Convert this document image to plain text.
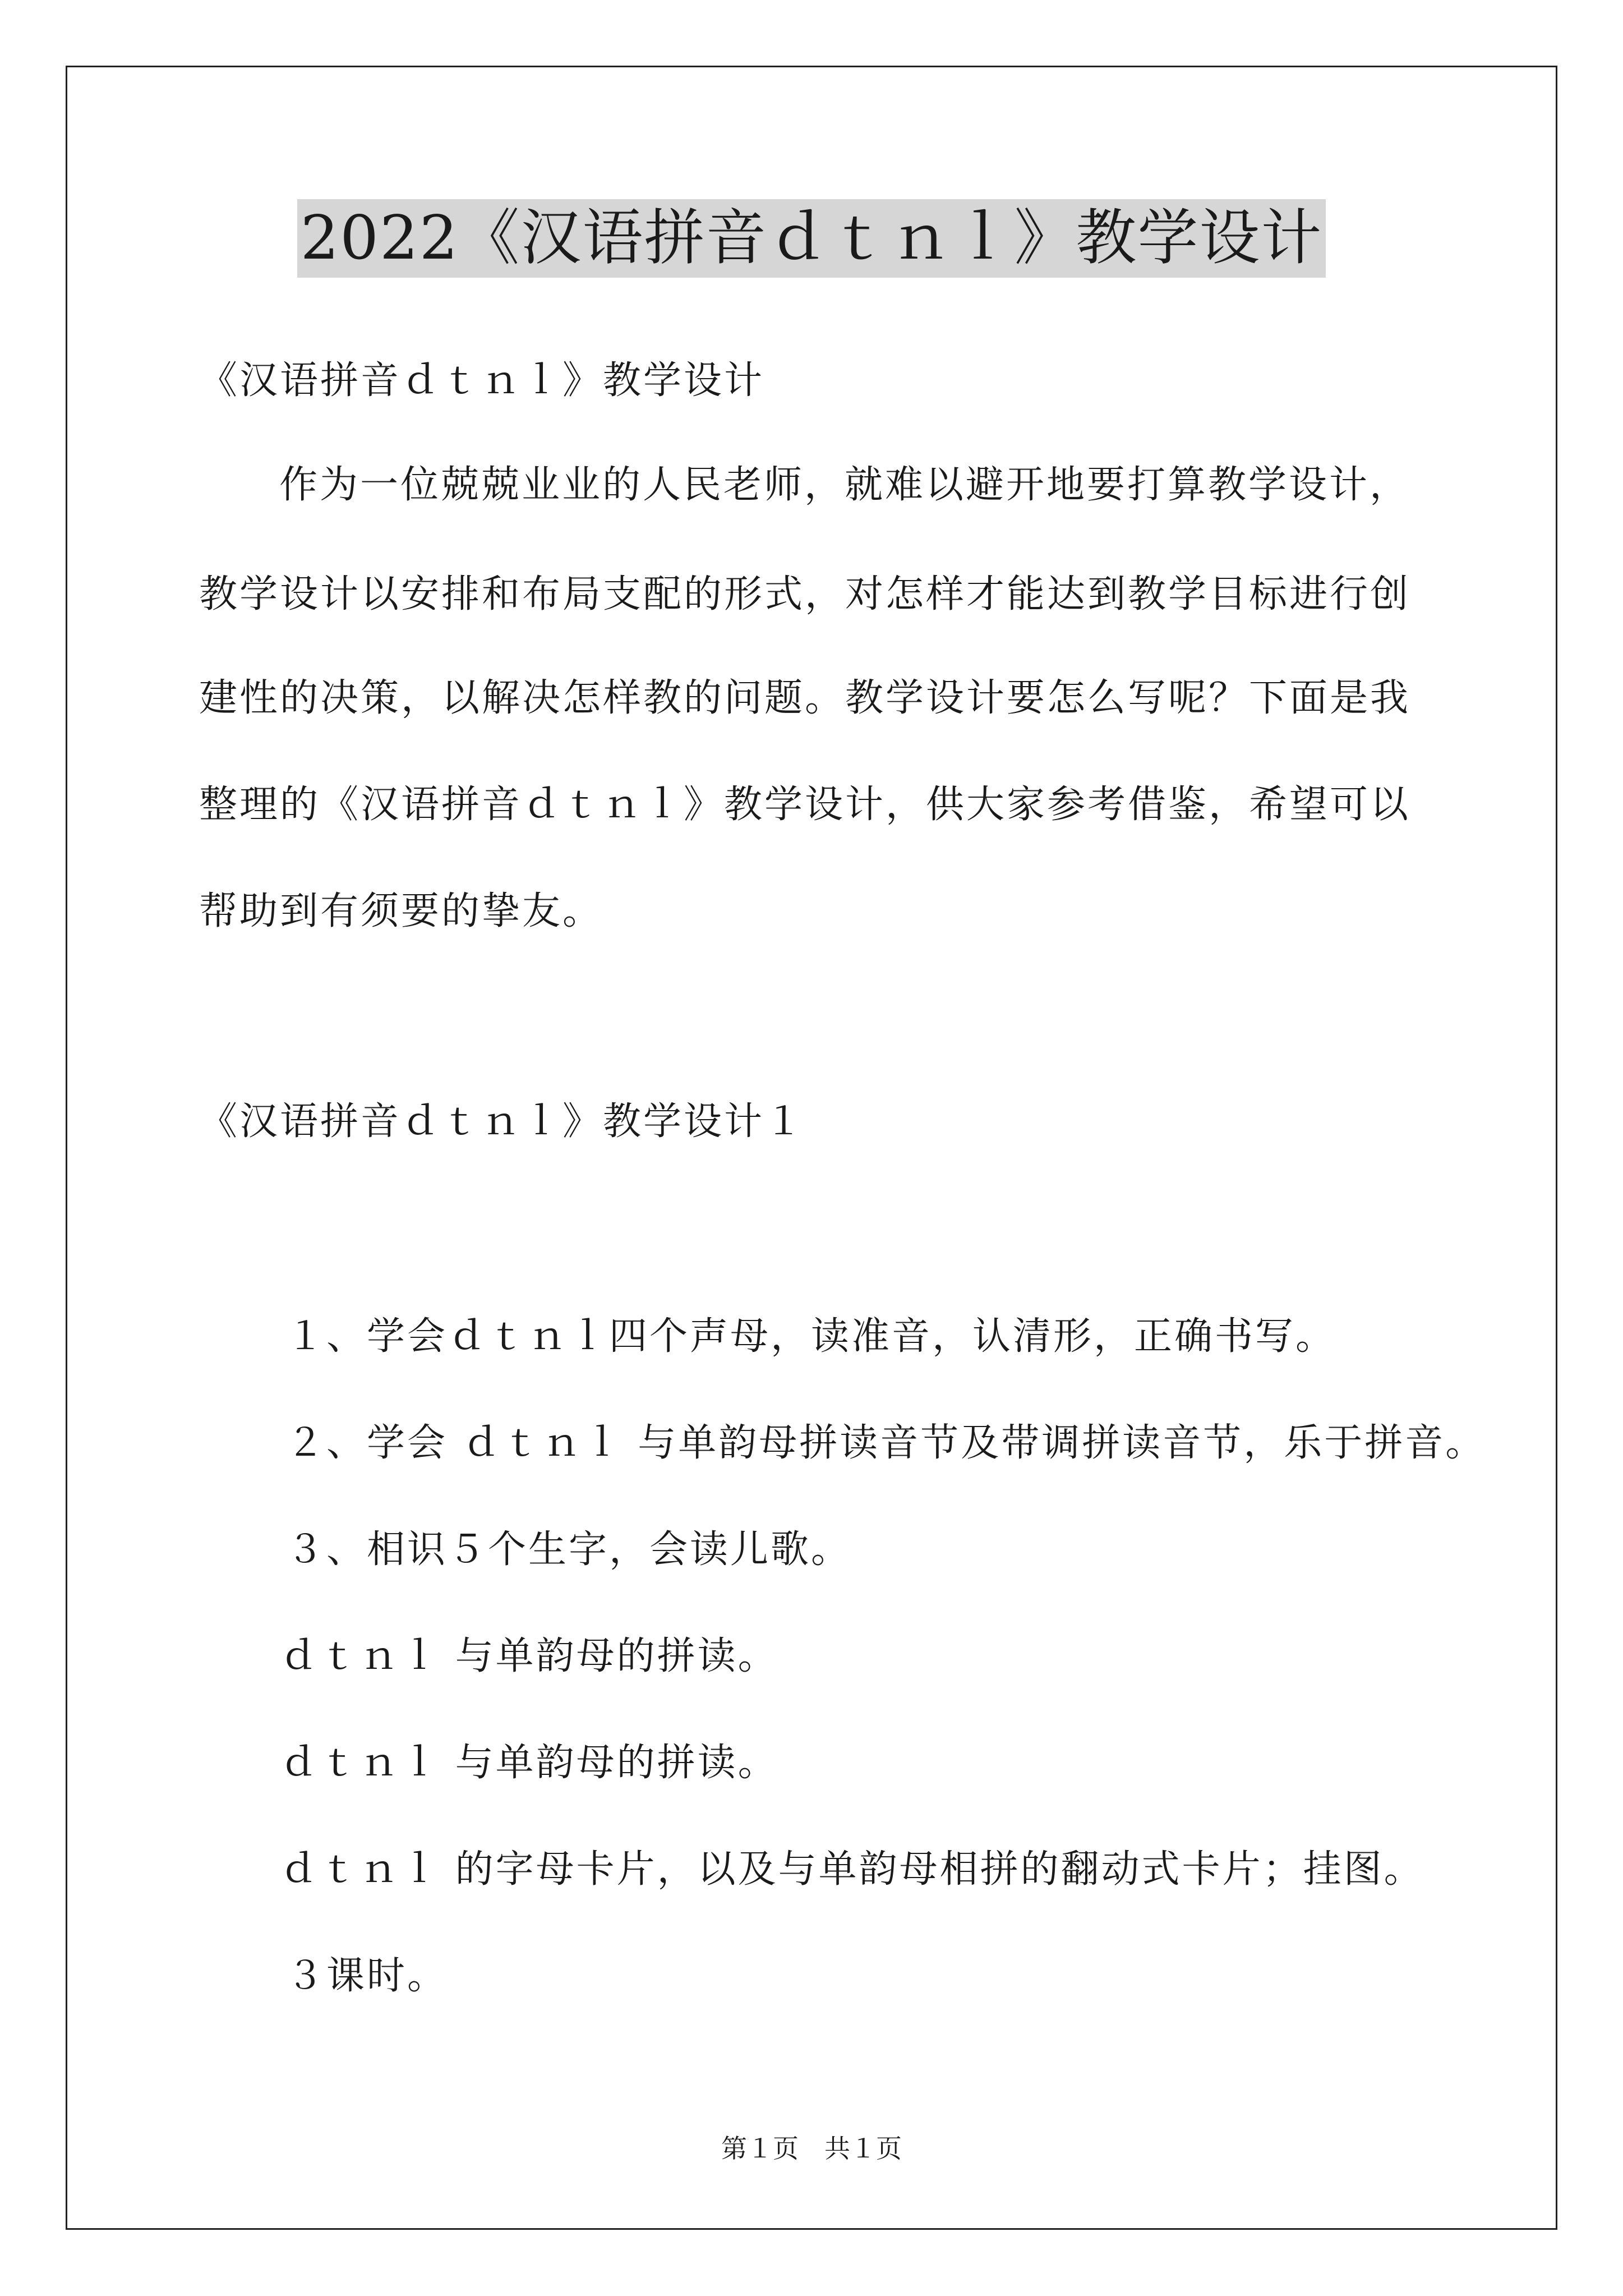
2022《汉语拼音ｄｔｎｌ》教学设计
《汉语拼音ｄｔｎｌ》教学设计
作为一位兢兢业业的人民老师，就难以避开地要打算教学设计，
教学设计以安排和布局支配的形式，对怎样才能达到教学目标进行创
建性的决策，以解决怎样教的问题。教学设计要怎么写呢？下面是我
整理的《汉语拼音ｄｔｎｌ》教学设计，供大家参考借鉴，希望可以
帮助到有须要的挚友。
《汉语拼音ｄｔｎｌ》教学设计１
１、学会ｄｔｎｌ四个声母，读准音，认清形，正确书写。
２、学会 ｄｔｎｌ 与单韵母拼读音节及带调拼读音节，乐于拼音。
３、相识５个生字，会读儿歌。
ｄｔｎｌ 与单韵母的拼读。
ｄｔｎｌ 与单韵母的拼读。
ｄｔｎｌ 的字母卡片，以及与单韵母相拼的翻动式卡片；挂图。
３课时。
第１页　共１页
